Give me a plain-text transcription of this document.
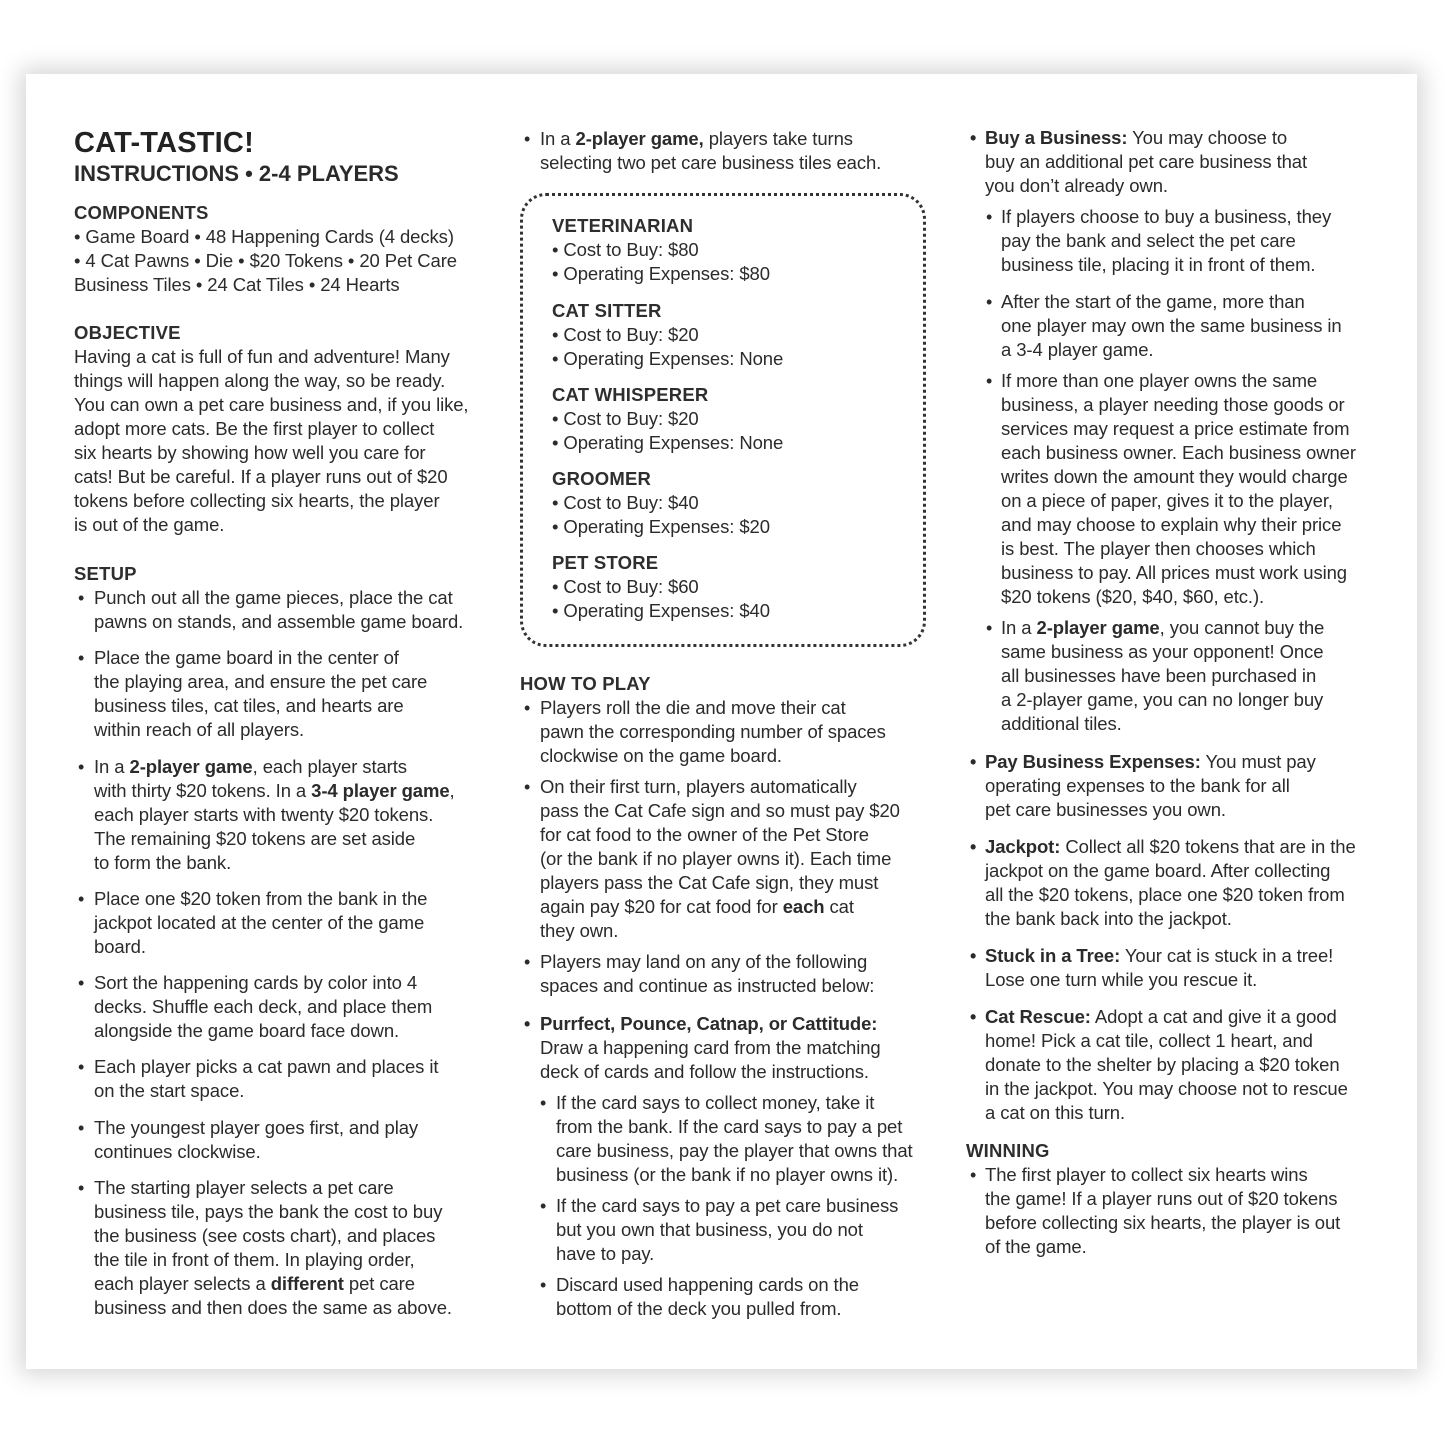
CAT-TASTIC!
INSTRUCTIONS • 2-4 PLAYERS
COMPONENTS
• Game Board • 48 Happening Cards (4 decks)
• 4 Cat Pawns • Die • $20 Tokens • 20 Pet Care
Business Tiles • 24 Cat Tiles • 24 Hearts
OBJECTIVE
Having a cat is full of fun and adventure! Many
things will happen along the way, so be ready.
You can own a pet care business and, if you like,
adopt more cats. Be the first player to collect
six hearts by showing how well you care for
cats! But be careful. If a player runs out of $20
tokens before collecting six hearts, the player
is out of the game.
SETUP
• Punch out all the game pieces, place the cat
pawns on stands, and assemble game board.
• Place the game board in the center of
the playing area, and ensure the pet care
business tiles, cat tiles, and hearts are
within reach of all players.
• In a 2-player game, each player starts
with thirty $20 tokens. In a 3-4 player game,
each player starts with twenty $20 tokens.
The remaining $20 tokens are set aside
to form the bank.
• Place one $20 token from the bank in the
jackpot located at the center of the game
board.
• Sort the happening cards by color into 4
decks. Shuffle each deck, and place them
alongside the game board face down.
• Each player picks a cat pawn and places it
on the start space.
• The youngest player goes first, and play
continues clockwise.
• The starting player selects a pet care
business tile, pays the bank the cost to buy
the business (see costs chart), and places
the tile in front of them. In playing order,
each player selects a different pet care
business and then does the same as above.
• In a 2-player game, players take turns
selecting two pet care business tiles each.
VETERINARIAN
• Cost to Buy: $80
• Operating Expenses: $80
CAT SITTER
• Cost to Buy: $20
• Operating Expenses: None
CAT WHISPERER
• Cost to Buy: $20
• Operating Expenses: None
GROOMER
• Cost to Buy: $40
• Operating Expenses: $20
PET STORE
• Cost to Buy: $60
• Operating Expenses: $40
HOW TO PLAY
• Players roll the die and move their cat
pawn the corresponding number of spaces
clockwise on the game board.
• On their first turn, players automatically
pass the Cat Cafe sign and so must pay $20
for cat food to the owner of the Pet Store
(or the bank if no player owns it). Each time
players pass the Cat Cafe sign, they must
again pay $20 for cat food for each cat
they own.
• Players may land on any of the following
spaces and continue as instructed below:
• Purrfect, Pounce, Catnap, or Cattitude:
Draw a happening card from the matching
deck of cards and follow the instructions.
• If the card says to collect money, take it
from the bank. If the card says to pay a pet
care business, pay the player that owns that
business (or the bank if no player owns it).
• If the card says to pay a pet care business
but you own that business, you do not
have to pay.
• Discard used happening cards on the
bottom of the deck you pulled from.
• Buy a Business: You may choose to
buy an additional pet care business that
you don’t already own.
• If players choose to buy a business, they
pay the bank and select the pet care
business tile, placing it in front of them.
• After the start of the game, more than
one player may own the same business in
a 3-4 player game.
• If more than one player owns the same
business, a player needing those goods or
services may request a price estimate from
each business owner. Each business owner
writes down the amount they would charge
on a piece of paper, gives it to the player,
and may choose to explain why their price
is best. The player then chooses which
business to pay. All prices must work using
$20 tokens ($20, $40, $60, etc.).
• In a 2-player game, you cannot buy the
same business as your opponent! Once
all businesses have been purchased in
a 2-player game, you can no longer buy
additional tiles.
• Pay Business Expenses: You must pay
operating expenses to the bank for all
pet care businesses you own.
• Jackpot: Collect all $20 tokens that are in the
jackpot on the game board. After collecting
all the $20 tokens, place one $20 token from
the bank back into the jackpot.
• Stuck in a Tree: Your cat is stuck in a tree!
Lose one turn while you rescue it.
• Cat Rescue: Adopt a cat and give it a good
home! Pick a cat tile, collect 1 heart, and
donate to the shelter by placing a $20 token
in the jackpot. You may choose not to rescue
a cat on this turn.
WINNING
• The first player to collect six hearts wins
the game! If a player runs out of $20 tokens
before collecting six hearts, the player is out
of the game.
